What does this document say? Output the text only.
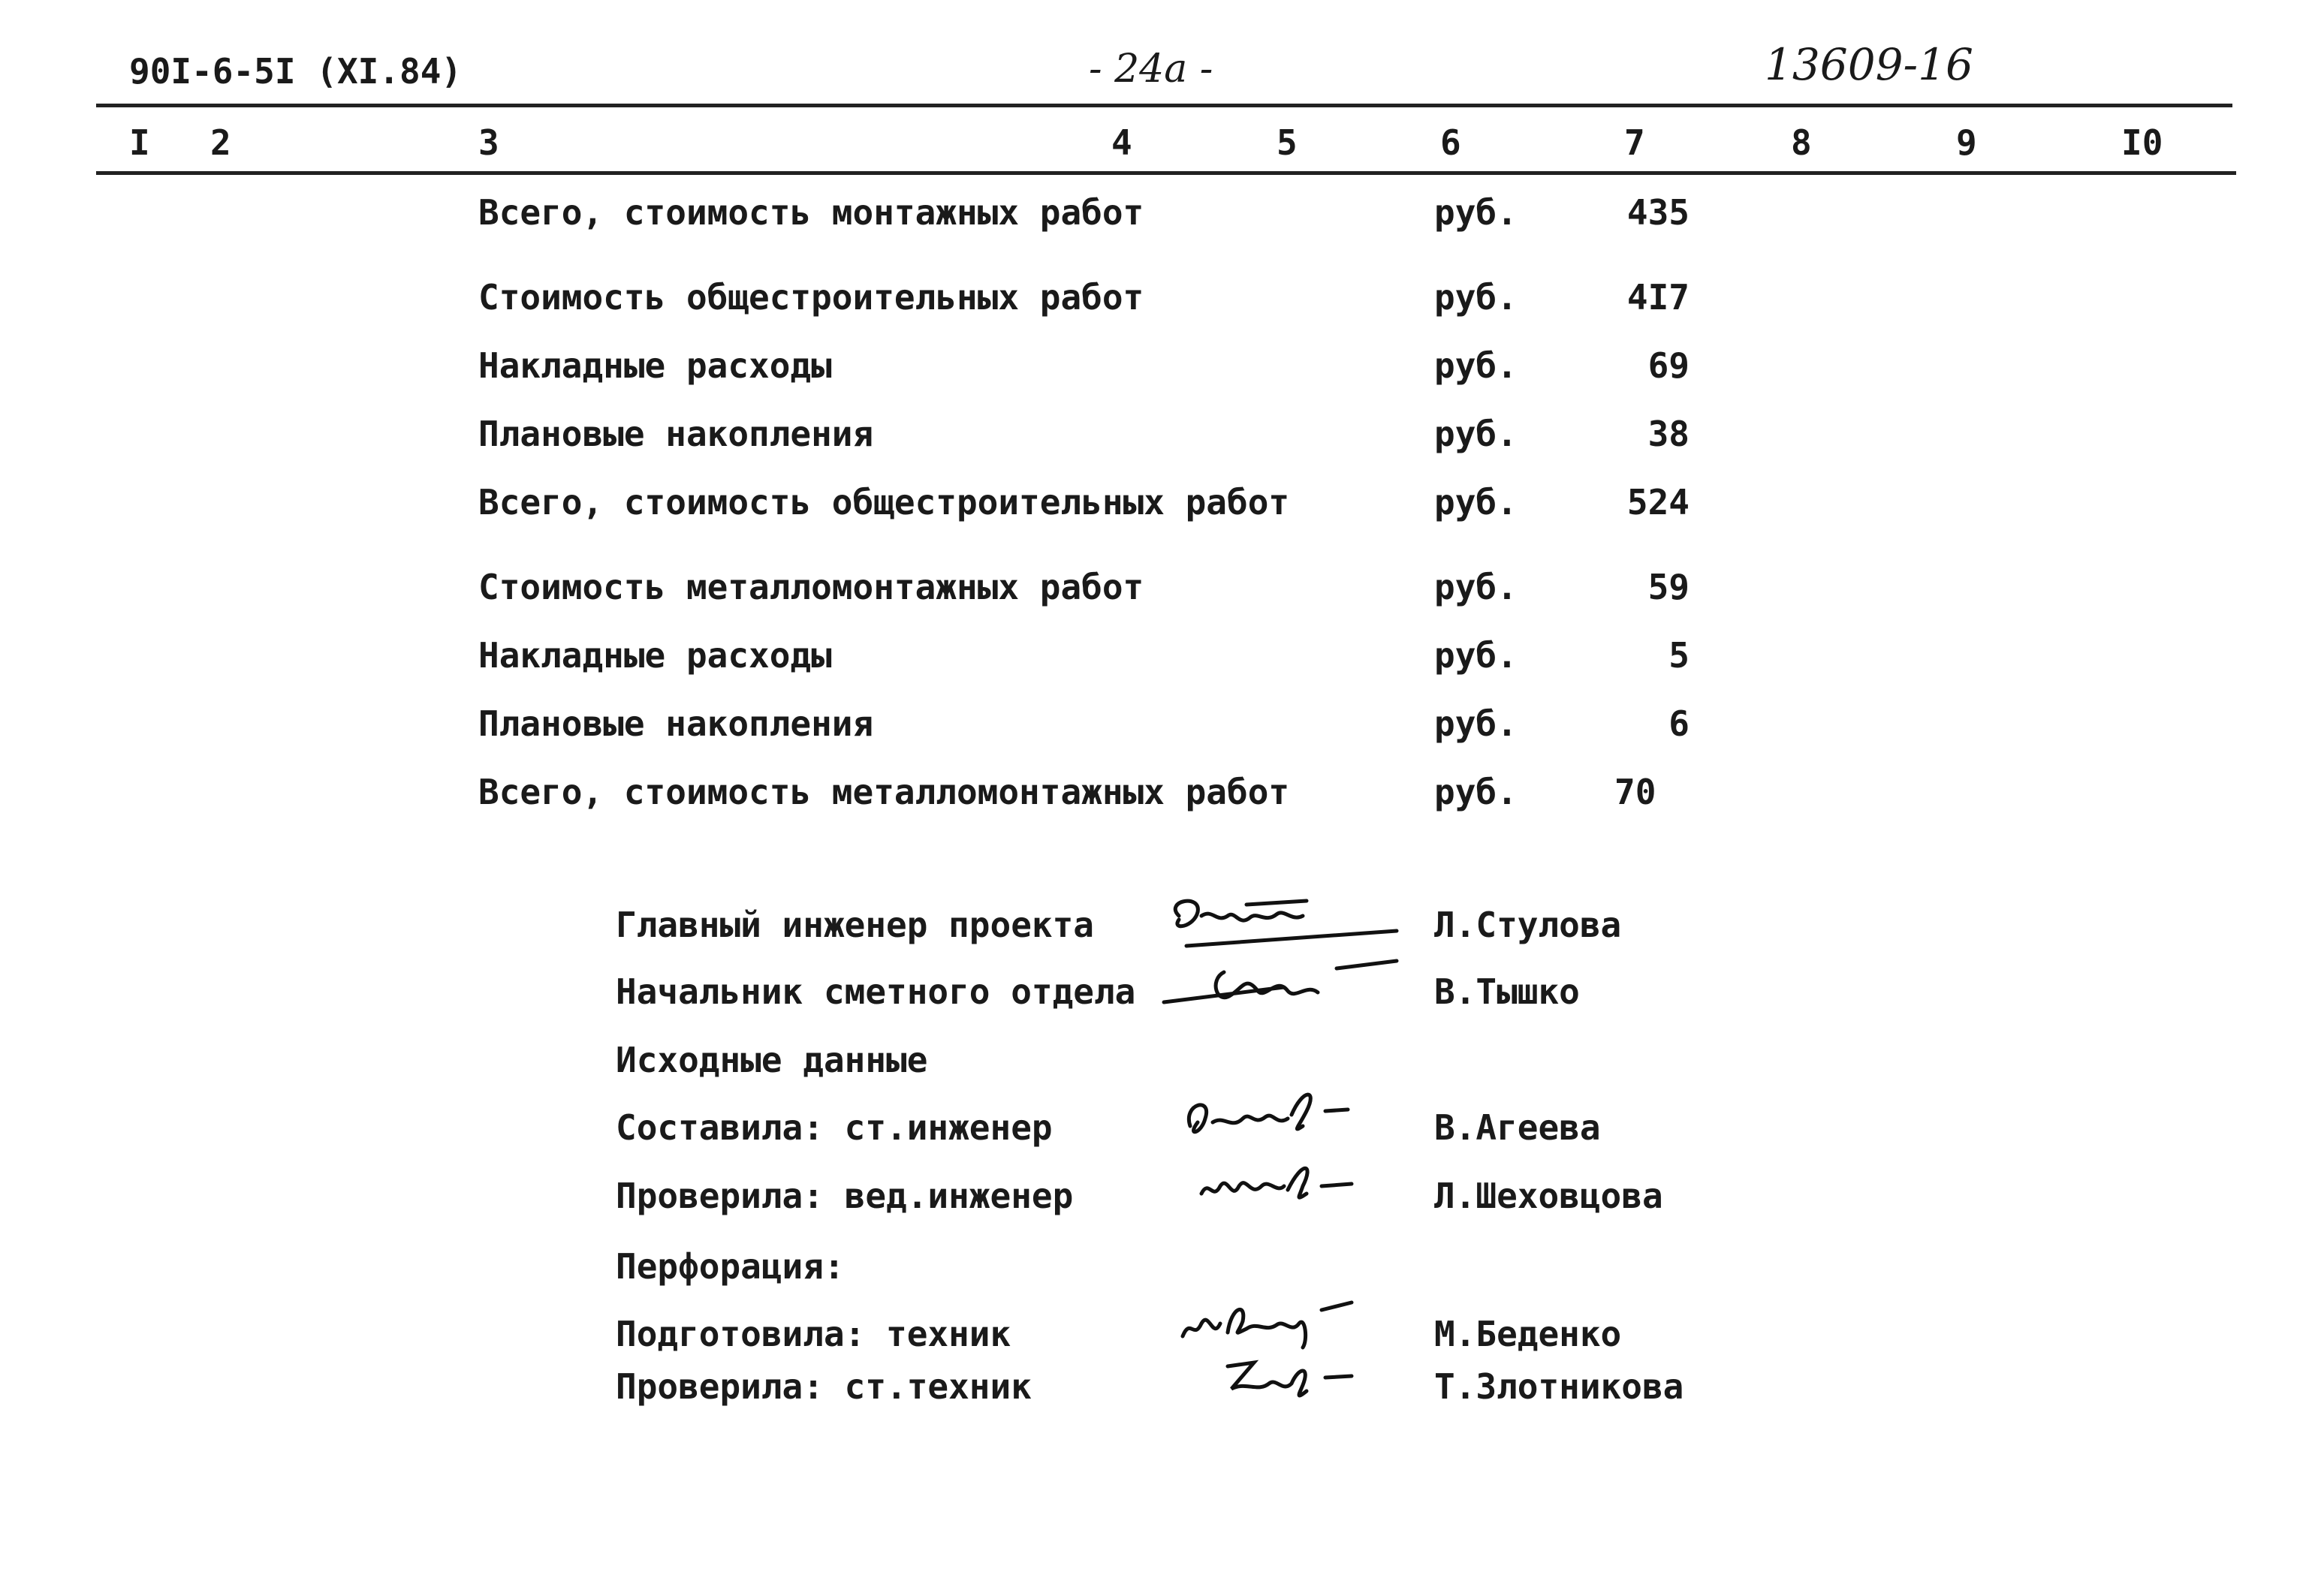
90I-6-5I (XI.84)	- 24a -	13609-16
I 2	3	4	5	6	7	8	9	I0
Всего, стоимость монтажных работ	руб.	435
Стоимость общестроительных работ	руб.	4I7
Накладные расходы	руб.	69
Плановые накопления	руб.	38
Всего, стоимость общестроительных работ	руб.	524
Стоимость металломонтажных работ	руб.	59
Накладные расходы	руб.	5
Плановые накопления	руб.	6
Всего, стоимость металломонтажных работ	руб.	70
Главный инженер проекта	Л.Стулова
Начальник сметного отдела	В.Тышко
Исходные данные
Составила: ст.инженер	В.Агеева
Проверила: вед.инженер	Л.Шеховцова
Перфорация:
Подготовила: техник	М.Беденко
Проверила: ст.техник	Т.Злотникова
